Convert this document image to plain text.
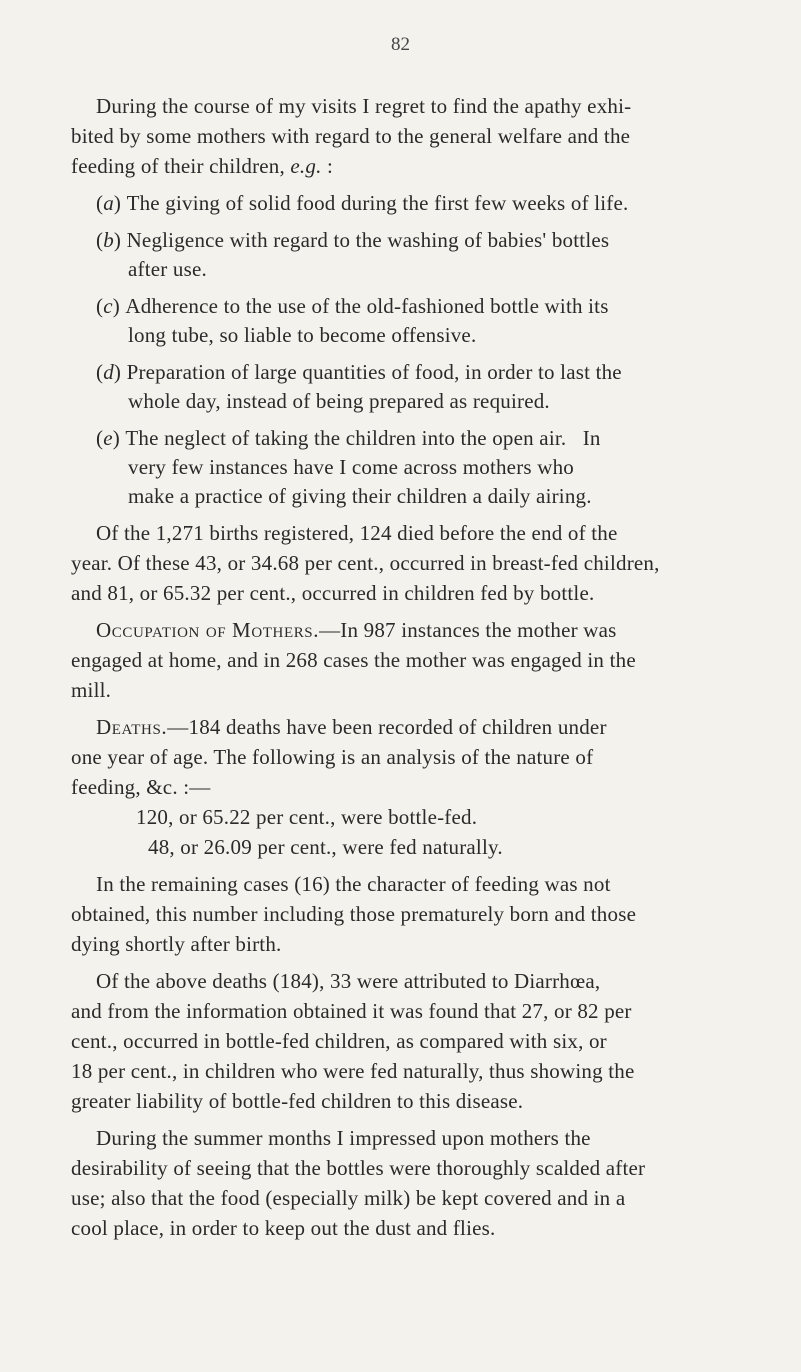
82
During the course of my visits I regret to find the apathy exhi-
bited by some mothers with regard to the general welfare and the
feeding of their children, e.g. :
(a) The giving of solid food during the first few weeks of life.
(b) Negligence with regard to the washing of babies' bottles
after use.
(c) Adherence to the use of the old-fashioned bottle with its
long tube, so liable to become offensive.
(d) Preparation of large quantities of food, in order to last the
whole day, instead of being prepared as required.
(e) The neglect of taking the children into the open air.   In
very few instances have I come across mothers who
make a practice of giving their children a daily airing.
Of the 1,271 births registered, 124 died before the end of the
year. Of these 43, or 34.68 per cent., occurred in breast-fed children,
and 81, or 65.32 per cent., occurred in children fed by bottle.
Occupation of Mothers.—In 987 instances the mother was
engaged at home, and in 268 cases the mother was engaged in the
mill.
Deaths.—184 deaths have been recorded of children under
one year of age. The following is an analysis of the nature of
feeding, &c. :—
120, or 65.22 per cent., were bottle-fed.
48, or 26.09 per cent., were fed naturally.
In the remaining cases (16) the character of feeding was not
obtained, this number including those prematurely born and those
dying shortly after birth.
Of the above deaths (184), 33 were attributed to Diarrhœa,
and from the information obtained it was found that 27, or 82 per
cent., occurred in bottle-fed children, as compared with six, or
18 per cent., in children who were fed naturally, thus showing the
greater liability of bottle-fed children to this disease.
During the summer months I impressed upon mothers the
desirability of seeing that the bottles were thoroughly scalded after
use; also that the food (especially milk) be kept covered and in a
cool place, in order to keep out the dust and flies.
